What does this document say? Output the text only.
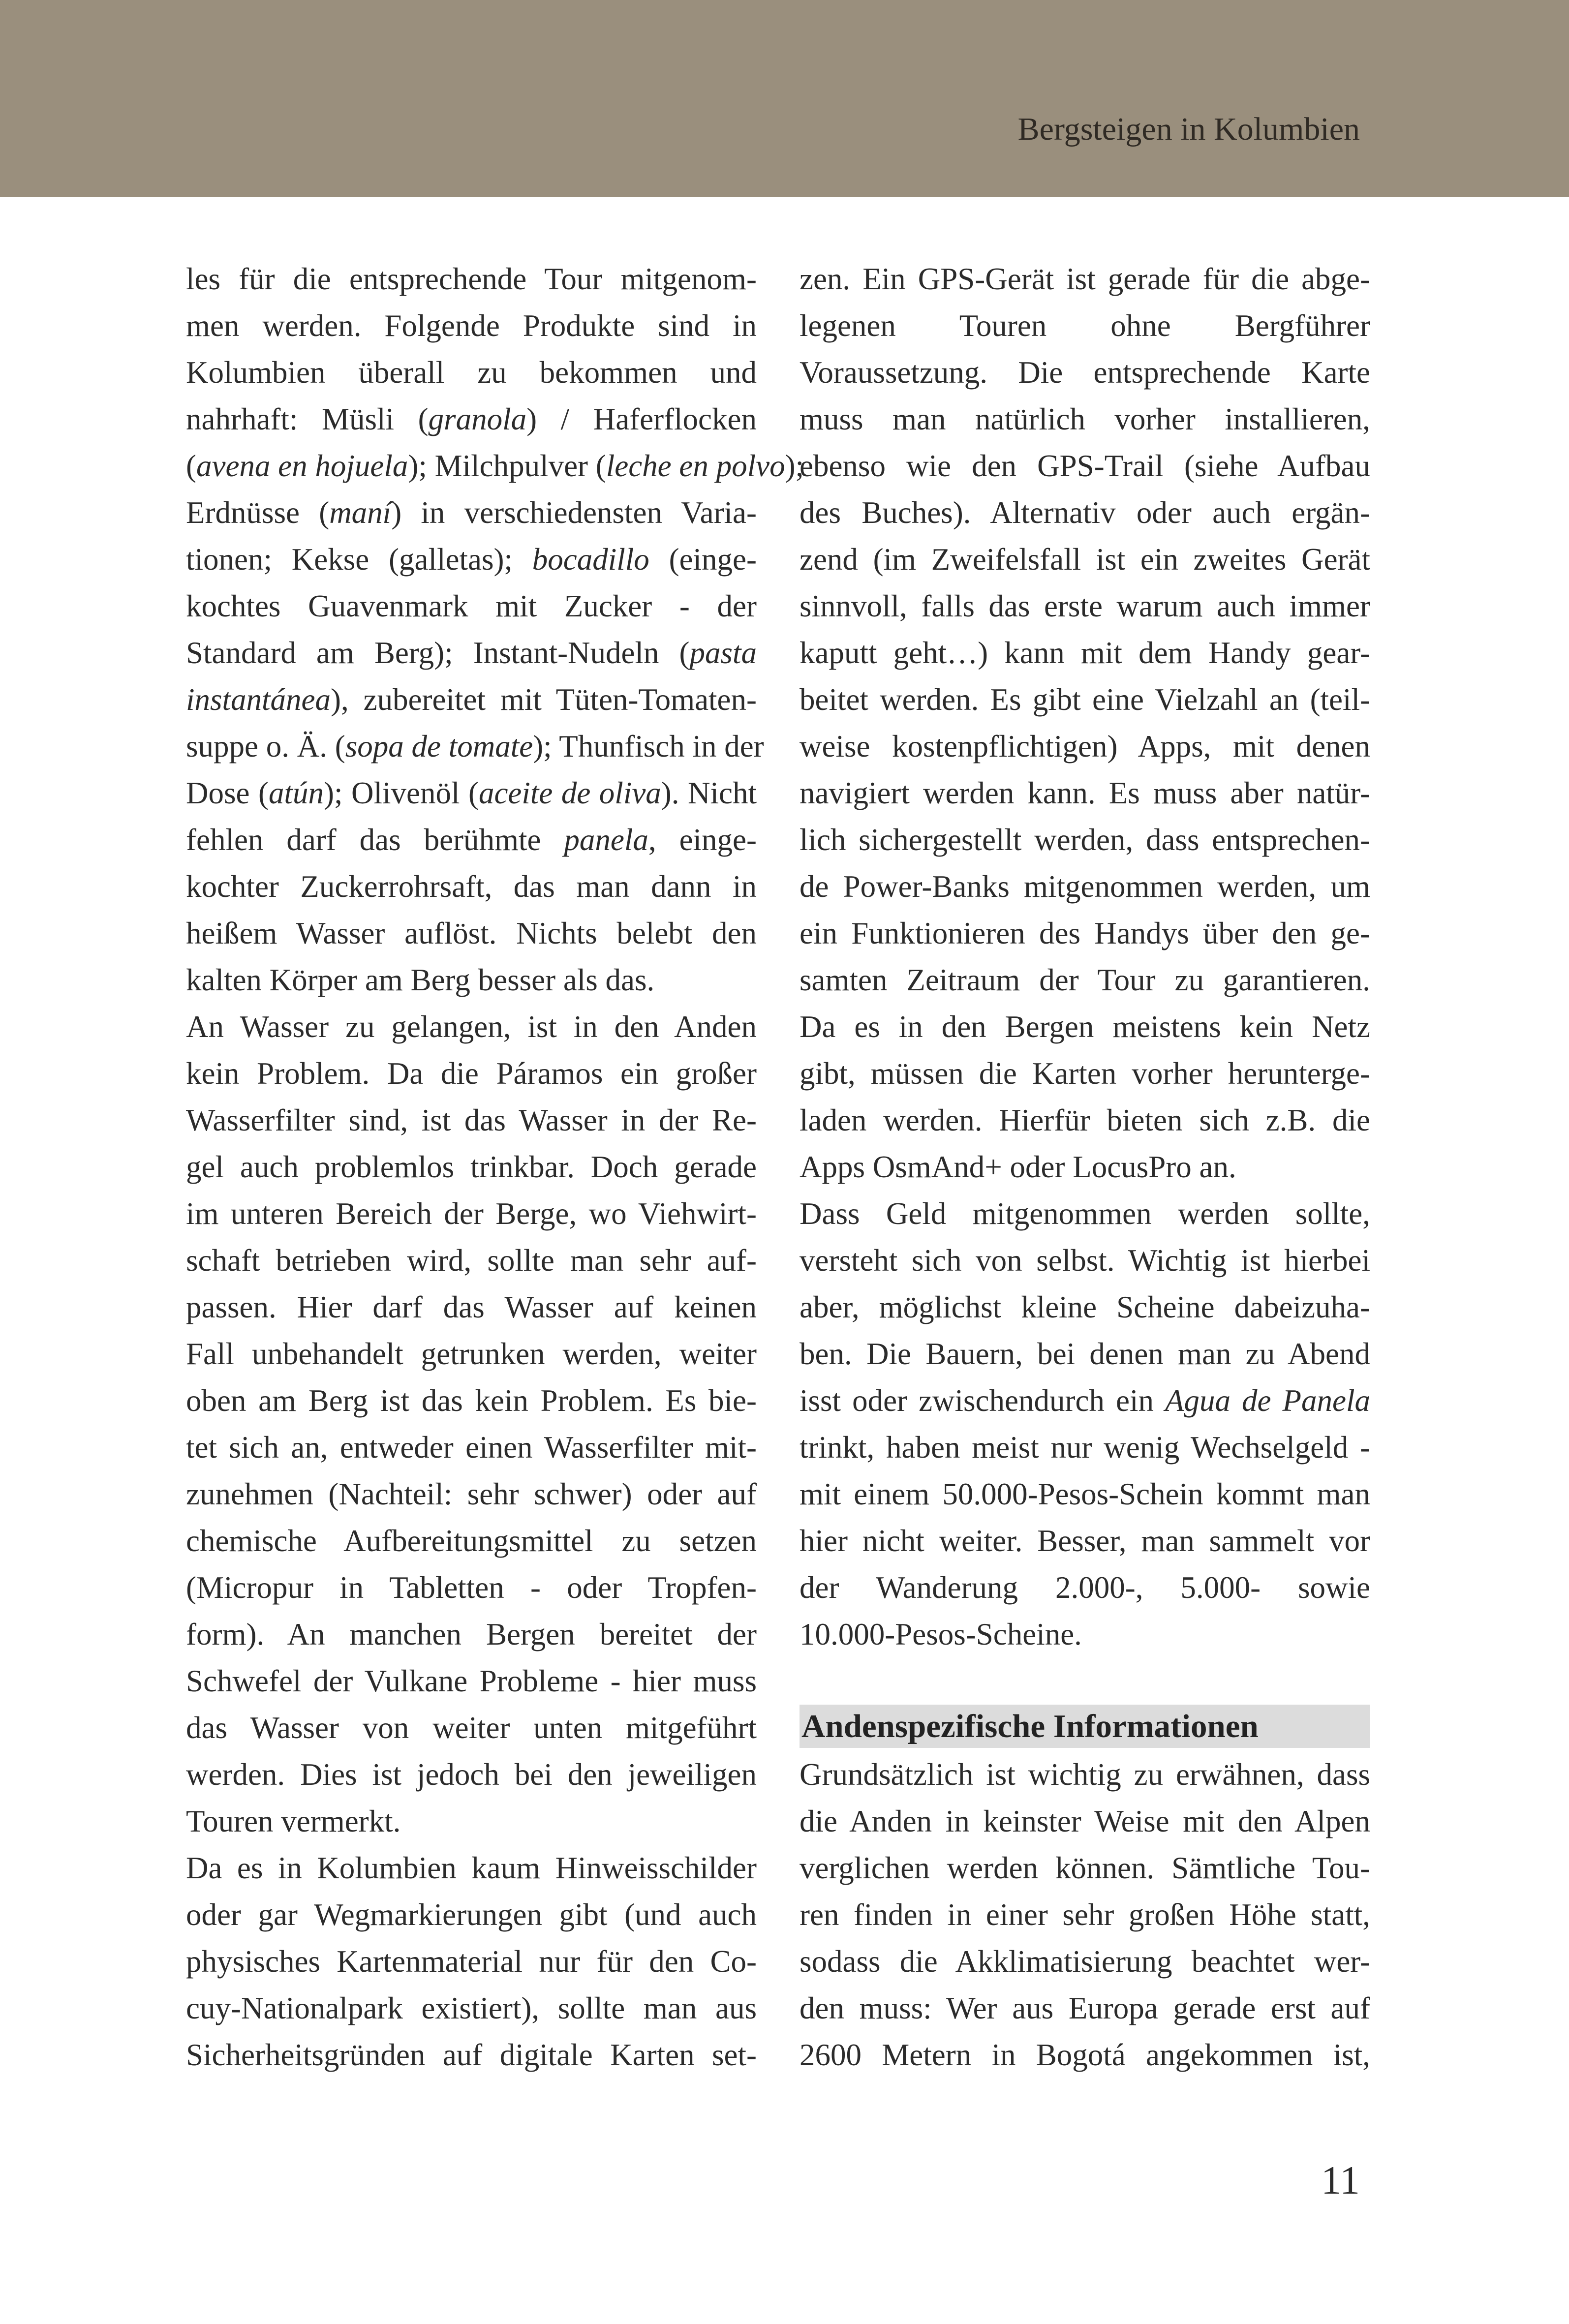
Bergsteigen in Kolumbien
les für die entsprechende Tour mitgenom-
men werden. Folgende Produkte sind in
Kolumbien überall zu bekommen und
nahrhaft: Müsli (granola) / Haferflocken
(avena en hojuela); Milchpulver (leche en polvo);
Erdnüsse (maní) in verschiedensten Varia-
tionen; Kekse (galletas); bocadillo (einge-
kochtes Guavenmark mit Zucker - der
Standard am Berg); Instant-Nudeln (pasta
instantánea), zubereitet mit Tüten-Tomaten-
suppe o. Ä. (sopa de tomate); Thunfisch in der
Dose (atún); Olivenöl (aceite de oliva). Nicht
fehlen darf das berühmte panela, einge-
kochter Zuckerrohrsaft, das man dann in
heißem Wasser auflöst. Nichts belebt den
kalten Körper am Berg besser als das.
An Wasser zu gelangen, ist in den Anden
kein Problem. Da die Páramos ein großer
Wasserfilter sind, ist das Wasser in der Re-
gel auch problemlos trinkbar. Doch gerade
im unteren Bereich der Berge, wo Viehwirt-
schaft betrieben wird, sollte man sehr auf-
passen. Hier darf das Wasser auf keinen
Fall unbehandelt getrunken werden, weiter
oben am Berg ist das kein Problem. Es bie-
tet sich an, entweder einen Wasserfilter mit-
zunehmen (Nachteil: sehr schwer) oder auf
chemische Aufbereitungsmittel zu setzen
(Micropur in Tabletten - oder Tropfen-
form). An manchen Bergen bereitet der
Schwefel der Vulkane Probleme - hier muss
das Wasser von weiter unten mitgeführt
werden. Dies ist jedoch bei den jeweiligen
Touren vermerkt.
Da es in Kolumbien kaum Hinweisschilder
oder gar Wegmarkierungen gibt (und auch
physisches Kartenmaterial nur für den Co-
cuy-Nationalpark existiert), sollte man aus
Sicherheitsgründen auf digitale Karten set-
zen. Ein GPS-Gerät ist gerade für die abge-
legenen Touren ohne Bergführer
Voraussetzung. Die entsprechende Karte
muss man natürlich vorher installieren,
ebenso wie den GPS-Trail (siehe Aufbau
des Buches). Alternativ oder auch ergän-
zend (im Zweifelsfall ist ein zweites Gerät
sinnvoll, falls das erste warum auch immer
kaputt geht…) kann mit dem Handy gear-
beitet werden. Es gibt eine Vielzahl an (teil-
weise kostenpflichtigen) Apps, mit denen
navigiert werden kann. Es muss aber natür-
lich sichergestellt werden, dass entsprechen-
de Power-Banks mitgenommen werden, um
ein Funktionieren des Handys über den ge-
samten Zeitraum der Tour zu garantieren.
Da es in den Bergen meistens kein Netz
gibt, müssen die Karten vorher herunterge-
laden werden. Hierfür bieten sich z.B. die
Apps OsmAnd+ oder LocusPro an.
Dass Geld mitgenommen werden sollte,
versteht sich von selbst. Wichtig ist hierbei
aber, möglichst kleine Scheine dabeizuha-
ben. Die Bauern, bei denen man zu Abend
isst oder zwischendurch ein Agua de Panela
trinkt, haben meist nur wenig Wechselgeld -
mit einem 50.000-Pesos-Schein kommt man
hier nicht weiter. Besser, man sammelt vor
der Wanderung 2.000-, 5.000- sowie
10.000-Pesos-Scheine.
Andenspezifische Informationen
Grundsätzlich ist wichtig zu erwähnen, dass
die Anden in keinster Weise mit den Alpen
verglichen werden können. Sämtliche Tou-
ren finden in einer sehr großen Höhe statt,
sodass die Akklimatisierung beachtet wer-
den muss: Wer aus Europa gerade erst auf
2600 Metern in Bogotá angekommen ist,
11
